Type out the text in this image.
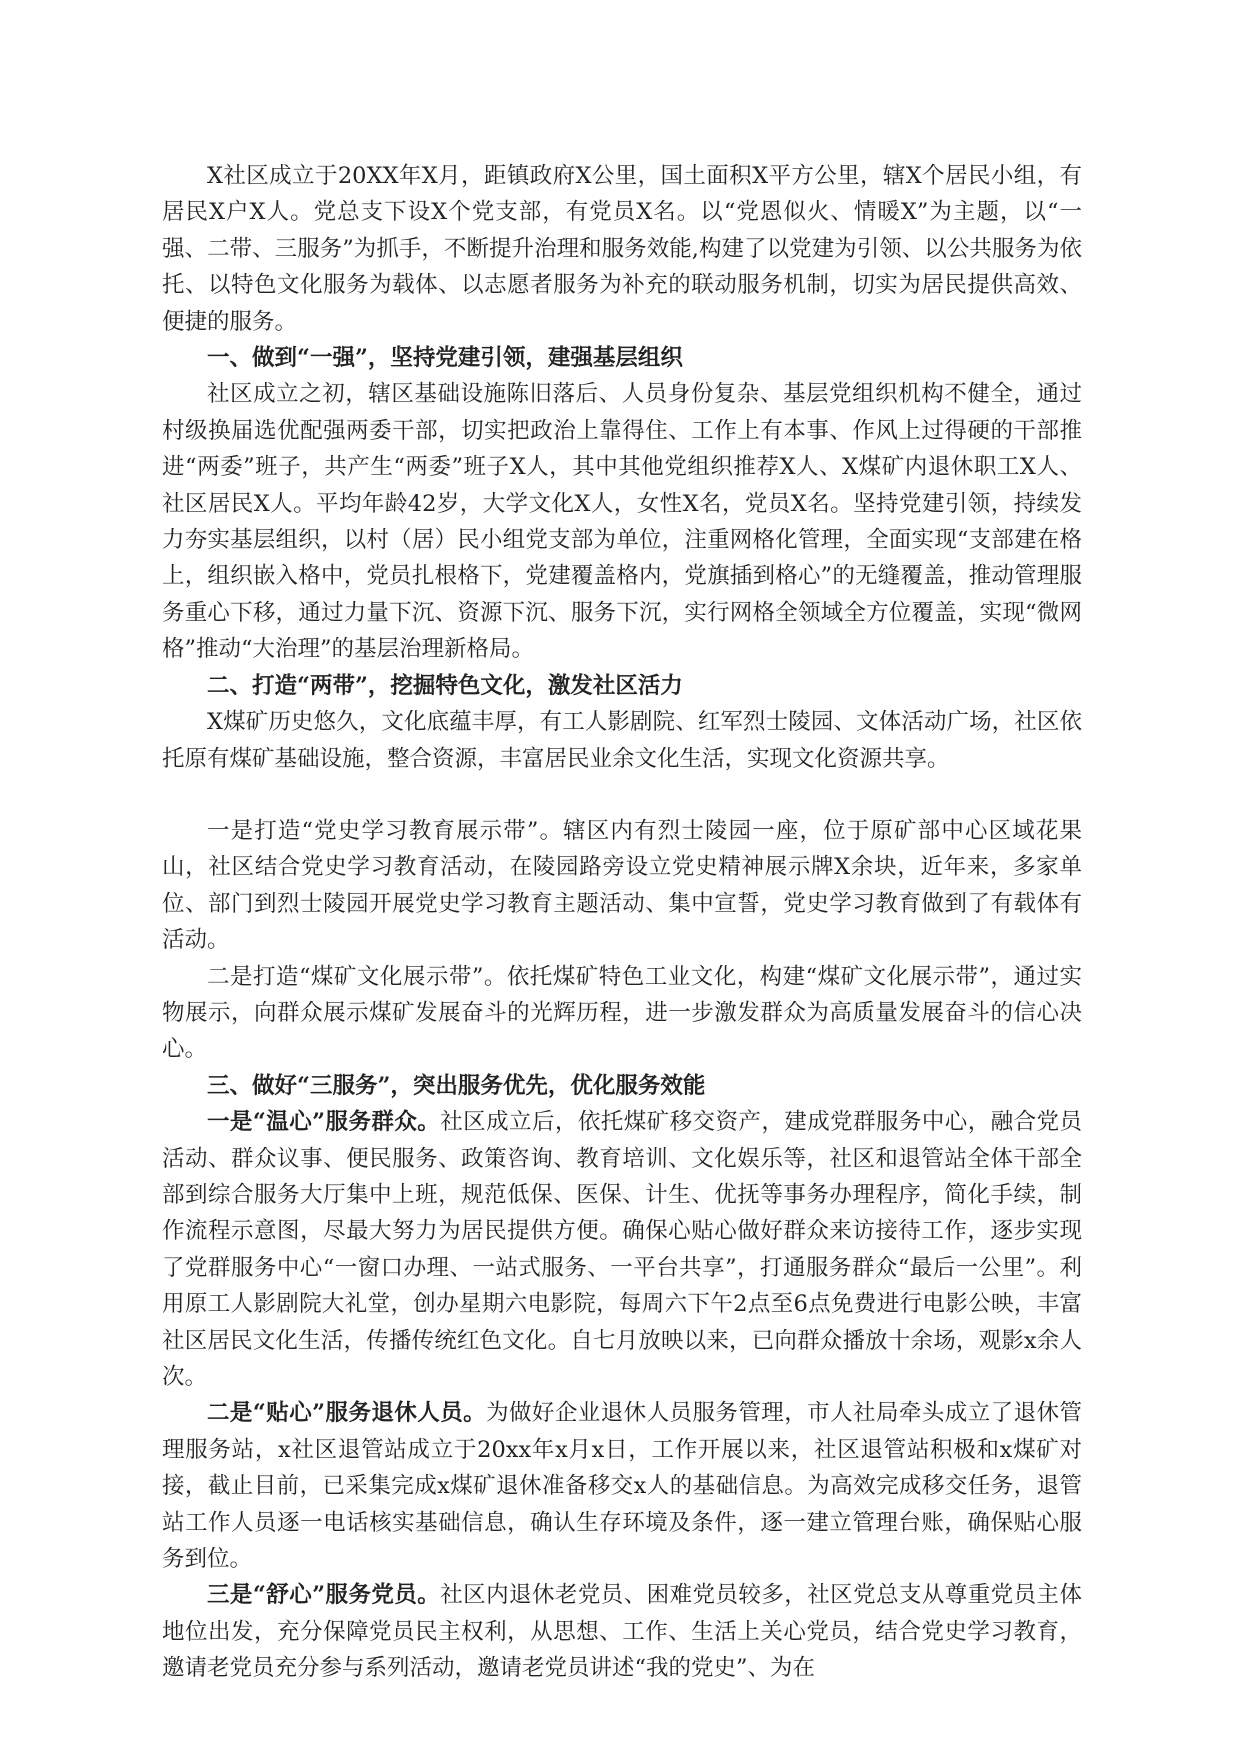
X社区成立于20XX年X月，距镇政府X公里，国土面积X平方公里，辖X个居民小组，有居民X户X人。党总支下设X个党支部，有党员X名。以“党恩似火、情暖X”为主题，以“一强、二带、三服务”为抓手，不断提升治理和服务效能,构建了以党建为引领、以公共服务为依托、以特色文化服务为载体、以志愿者服务为补充的联动服务机制，切实为居民提供高效、便捷的服务。

一、做到“一强”，坚持党建引领，建强基层组织

社区成立之初，辖区基础设施陈旧落后、人员身份复杂、基层党组织机构不健全，通过村级换届选优配强两委干部，切实把政治上靠得住、工作上有本事、作风上过得硬的干部推进“两委”班子，共产生“两委”班子X人，其中其他党组织推荐X人、X煤矿内退休职工X人、社区居民X人。平均年龄42岁，大学文化X人，女性X名，党员X名。坚持党建引领，持续发力夯实基层组织，以村（居）民小组党支部为单位，注重网格化管理，全面实现“支部建在格上，组织嵌入格中，党员扎根格下，党建覆盖格内，党旗插到格心”的无缝覆盖，推动管理服务重心下移，通过力量下沉、资源下沉、服务下沉，实行网格全领域全方位覆盖，实现“微网格”推动“大治理”的基层治理新格局。

二、打造“两带”，挖掘特色文化，激发社区活力

X煤矿历史悠久，文化底蕴丰厚，有工人影剧院、红军烈士陵园、文体活动广场，社区依托原有煤矿基础设施，整合资源，丰富居民业余文化生活，实现文化资源共享。

一是打造“党史学习教育展示带”。辖区内有烈士陵园一座，位于原矿部中心区域花果山，社区结合党史学习教育活动，在陵园路旁设立党史精神展示牌X余块，近年来，多家单位、部门到烈士陵园开展党史学习教育主题活动、集中宣誓，党史学习教育做到了有载体有活动。

二是打造“煤矿文化展示带”。依托煤矿特色工业文化，构建“煤矿文化展示带”，通过实物展示，向群众展示煤矿发展奋斗的光辉历程，进一步激发群众为高质量发展奋斗的信心决心。

三、做好“三服务”，突出服务优先，优化服务效能

一是“温心”服务群众。社区成立后，依托煤矿移交资产，建成党群服务中心，融合党员活动、群众议事、便民服务、政策咨询、教育培训、文化娱乐等，社区和退管站全体干部全部到综合服务大厅集中上班，规范低保、医保、计生、优抚等事务办理程序，简化手续，制作流程示意图，尽最大努力为居民提供方便。确保心贴心做好群众来访接待工作，逐步实现了党群服务中心“一窗口办理、一站式服务、一平台共享”，打通服务群众“最后一公里”。利用原工人影剧院大礼堂，创办星期六电影院，每周六下午2点至6点免费进行电影公映，丰富社区居民文化生活，传播传统红色文化。自七月放映以来，已向群众播放十余场，观影x余人次。

二是“贴心”服务退休人员。为做好企业退休人员服务管理，市人社局牵头成立了退休管理服务站，x社区退管站成立于20xx年x月x日，工作开展以来，社区退管站积极和x煤矿对接，截止目前，已采集完成x煤矿退休准备移交x人的基础信息。为高效完成移交任务，退管站工作人员逐一电话核实基础信息，确认生存环境及条件，逐一建立管理台账，确保贴心服务到位。

三是“舒心”服务党员。社区内退休老党员、困难党员较多，社区党总支从尊重党员主体地位出发，充分保障党员民主权利，从思想、工作、生活上关心党员，结合党史学习教育，邀请老党员充分参与系列活动，邀请老党员讲述“我的党史”、为在
